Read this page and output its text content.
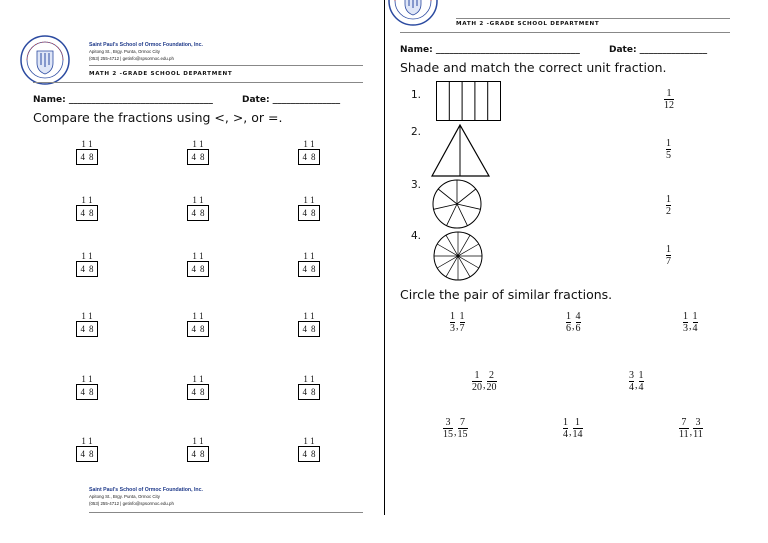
Saint Paul's School of Ormoc Foundation, Inc.
Apitong St., Brgy. Punta, Ormoc City
(053) 255-4712 | getinfo@spsormoc.edu.ph
MATH 2 -GRADE SCHOOL DEPARTMENT
Name: ________________________________	Date: _______________
Compare the fractions using <, >, or =.
1 1
4 8
1 1
4 8
1 1
4 8
1 1
4 8
1 1
4 8
1 1
4 8
1 1
4 8
1 1
4 8
1 1
4 8
1 1
4 8
1 1
4 8
1 1
4 8
1 1
4 8
1 1
4 8
1 1
4 8
1 1
4 8
1 1
4 8
1 1
4 8
Saint Paul's School of Ormoc Foundation, Inc.
Apitong St., Brgy. Punta, Ormoc City
(053) 255-4712 | getinfo@spsormoc.edu.ph
MATH 2 -GRADE SCHOOL DEPARTMENT
Name: ________________________________	Date: _______________
Shade and match the correct unit fraction.
1.	1
12
2.
1
5
3.
1
2
4.
1
7
Circle the pair of similar fractions.
$\frac{1}{3}$ , $\frac{1}{7}$	$\frac{1}{6}$ , $\frac{4}{6}$	$\frac{1}{3}$ , $\frac{1}{4}$
$\frac{1}{20}$ , $\frac{2}{20}$	$\frac{3}{4}$ , $\frac{1}{4}$
$\frac{3}{15}$ , $\frac{7}{15}$	$\frac{1}{4}$ , $\frac{1}{14}$	$\frac{7}{11}$ , $\frac{3}{11}$
